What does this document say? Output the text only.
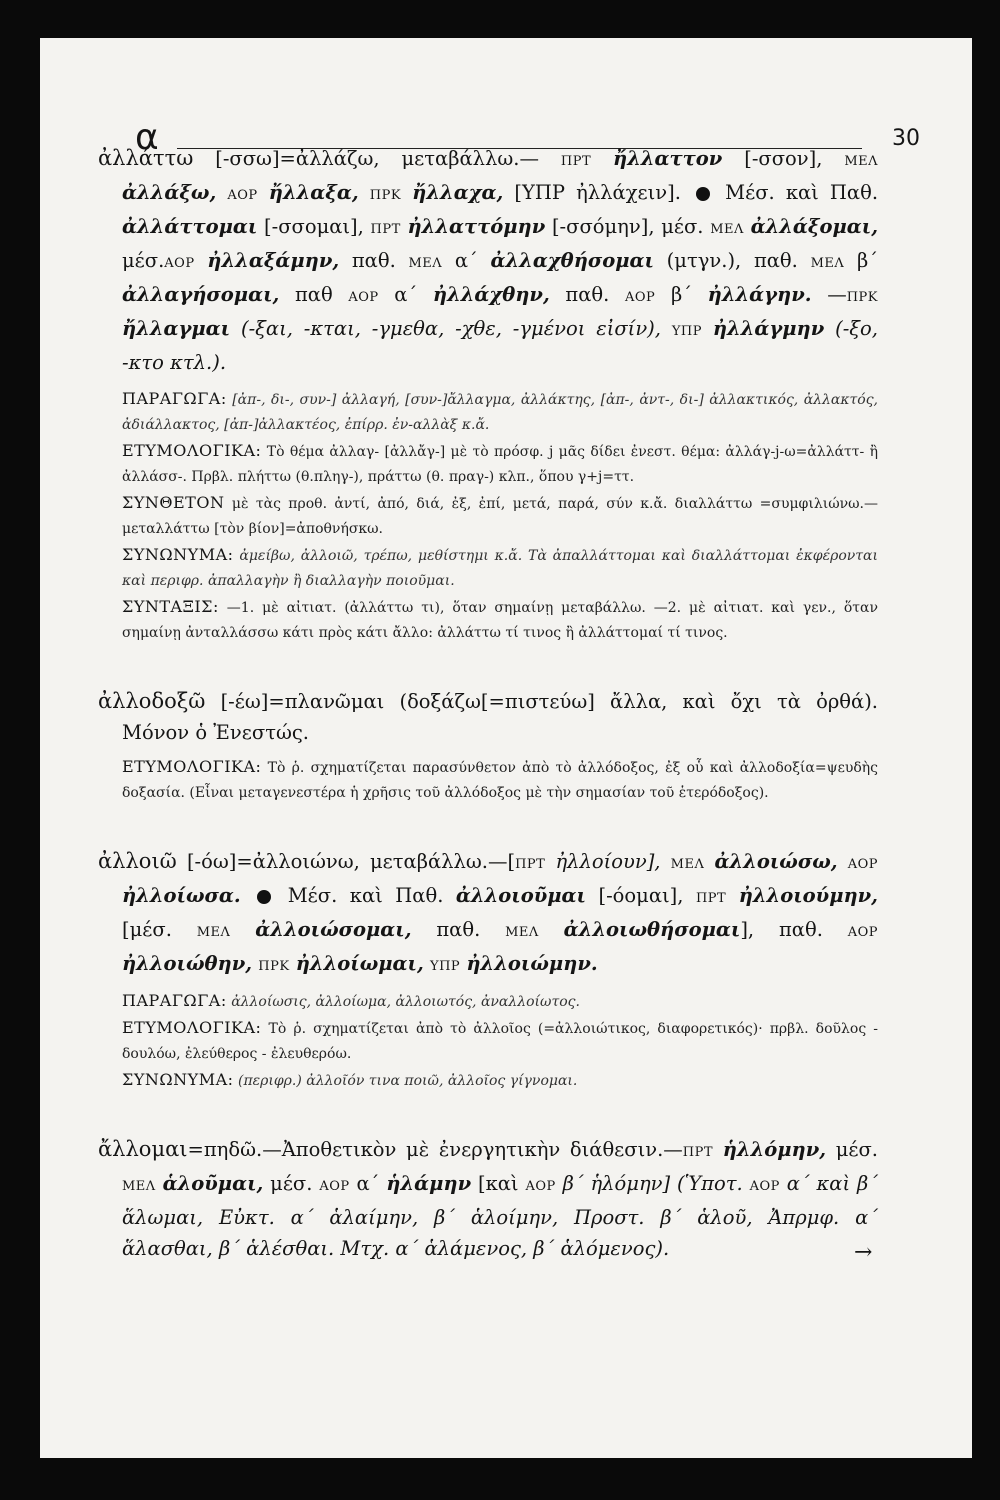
α	30

ἀλλάττω [-σσω]=ἀλλάζω, μεταβάλλω.— ΠΡΤ ἤλλαττον [-σσον], ΜΕΛ ἀλλάξω, ΑΟΡ ἤλλαξα, ΠΡΚ ἤλλαχα, [ΥΠΡ ἠλλάχειν].  Μέσ. καὶ Παθ. ἀλλάττομαι [-σσομαι], ΠΡΤ ἠλλαττόμην [-σσόμην], μέσ. ΜΕΛ ἀλλάξομαι, μέσ.ΑΟΡ ἠλλαξάμην, παθ. ΜΕΛ α΄ ἀλλαχθήσομαι (μτγν.), παθ. ΜΕΛ β΄ ἀλλαγήσομαι, παθ ΑΟΡ α΄ ἠλλάχθην, παθ. ΑΟΡ β΄ ἠλλάγην. —ΠΡΚ ἤλλαγμαι (-ξαι, -κται, -γμεθα, -χθε, -γμένοι εἰσίν), ΥΠΡ ἠλλάγμην (-ξο, -κτο κτλ.).

ΠΑΡΑΓΩΓΑ: [ἀπ-, δι-, συν-] ἀλλαγή, [συν-]ἄλλαγμα, ἀλλάκτης, [ἀπ-, ἀντ-, δι-] ἀλλακτικός, ἀλλακτός, ἀδιάλλακτος, [ἀπ-]ἀλλακτέος, ἐπίρρ. ἐν-αλλὰξ κ.ἄ.

ΕΤΥΜΟΛΟΓΙΚΑ: Τὸ θέμα ἀλλαγ- [ἀλλἄγ-] μὲ τὸ πρόσφ. j μᾶς δίδει ἐνεστ. θέμα: ἀλλάγ-j-ω=ἀλλάττ- ἢ ἀλλάσσ-. Πρβλ. πλήττω (θ.πληγ-), πράττω (θ. πραγ-) κλπ., ὅπου γ+j=ττ.

ΣΥΝΘΕΤΟΝ μὲ τὰς προθ. ἀντί, ἀπό, διά, ἐξ, ἐπί, μετά, παρά, σύν κ.ἄ. διαλλάττω =συμφιλιώνω.—μεταλλάττω [τὸν βίον]=ἀποθνήσκω.

ΣΥΝΩΝΥΜΑ: ἀμείβω, ἀλλοιῶ, τρέπω, μεθίστημι κ.ἄ. Τὰ ἀπαλλάττομαι καὶ διαλλάττομαι ἐκφέρονται καὶ περιφρ. ἀπαλλαγὴν ἢ διαλλαγὴν ποιοῦμαι.

ΣΥΝΤΑΞΙΣ: —1. μὲ αἰτιατ. (ἀλλάττω τι), ὅταν σημαίνῃ μεταβάλλω. —2. μὲ αἰτιατ. καὶ γεν., ὅταν σημαίνῃ ἀνταλλάσσω κάτι πρὸς κάτι ἄλλο: ἀλλάττω τί τινος ἢ ἀλλάττομαί τί τινος.

ἀλλοδοξῶ [-έω]=πλανῶμαι (δοξάζω[=πιστεύω] ἄλλα, καὶ ὄχι τὰ ὀρθά). Μόνον ὁ Ἐνεστώς.

ΕΤΥΜΟΛΟΓΙΚΑ: Τὸ ῥ. σχηματίζεται παρασύνθετον ἀπὸ τὸ ἀλλόδοξος, ἐξ οὗ καὶ ἀλλοδοξία=ψευδὴς δοξασία. (Εἶναι μεταγενεστέρα ἡ χρῆσις τοῦ ἀλλόδοξος μὲ τὴν σημασίαν τοῦ ἑτερόδοξος).

ἀλλοιῶ [-όω]=ἀλλοιώνω, μεταβάλλω.—[ΠΡΤ ἠλλοίουν], ΜΕΛ ἀλλοιώσω, ΑΟΡ ἠλλοίωσα.  Μέσ. καὶ Παθ. ἀλλοιοῦμαι [-όομαι], ΠΡΤ ἠλλοιούμην, [μέσ. ΜΕΛ ἀλλοιώσομαι, παθ. ΜΕΛ ἀλλοιωθήσομαι], παθ. ΑΟΡ ἠλλοιώθην, ΠΡΚ ἠλλοίωμαι, ΥΠΡ ἠλλοιώμην.

ΠΑΡΑΓΩΓΑ: ἀλλοίωσις, ἀλλοίωμα, ἀλλοιωτός, ἀναλλοίωτος.

ΕΤΥΜΟΛΟΓΙΚΑ: Τὸ ῥ. σχηματίζεται ἀπὸ τὸ ἀλλοῖος (=ἀλλοιώτικος, διαφορετικός)· πρβλ. δοῦλος - δουλόω, ἐλεύθερος - ἐλευθερόω.

ΣΥΝΩΝΥΜΑ: (περιφρ.) ἀλλοῖόν τινα ποιῶ, ἀλλοῖος γίγνομαι.

ἄλλομαι=πηδῶ.—Ἀποθετικὸν μὲ ἐνεργητικὴν διάθεσιν.—ΠΡΤ ἡλλόμην, μέσ. ΜΕΛ ἁλοῦμαι, μέσ. ΑΟΡ α΄ ἡλάμην [καὶ ΑΟΡ β΄ ἡλόμην] (Ὑποτ. ΑΟΡ α΄ καὶ β΄ ἅλωμαι, Εὐκτ. α΄ ἁλαίμην, β΄ ἁλοίμην, Προστ. β΄ ἁλοῦ, Ἀπρμφ. α΄ ἅλασθαι, β΄ ἁλέσθαι. Μτχ. α΄ ἁλάμενος, β΄ ἁλόμενος).	→
